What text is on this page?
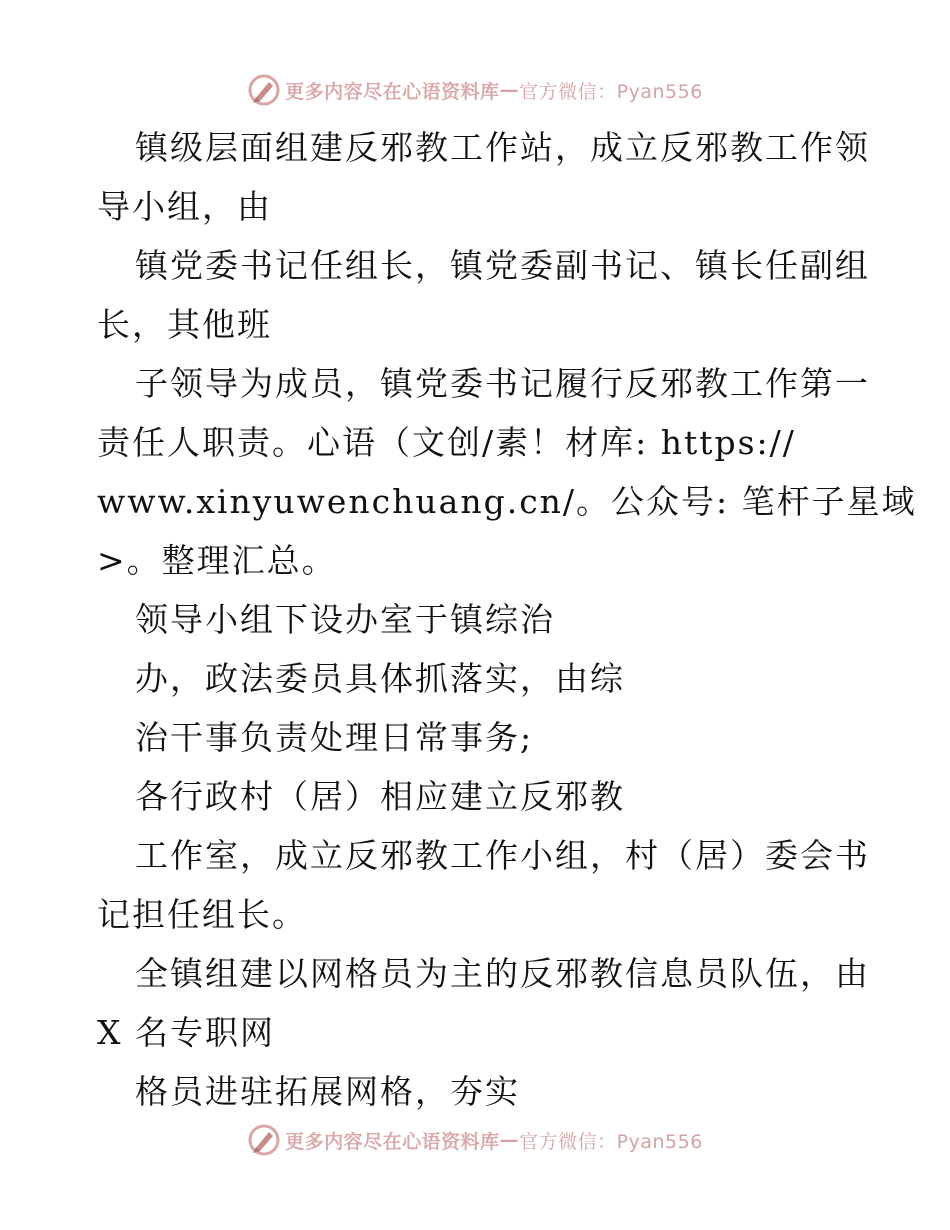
更多内容尽在心语资料库 — 官方微信：Pyan556
镇级层面组建反邪教工作站，成立反邪教工作领
导小组，由
镇党委书记任组长，镇党委副书记、镇长任副组
长，其他班
子领导为成员，镇党委书记履行反邪教工作第一
责任人职责。心语（文创/素！材库: https://
www.xinyuwenchuang.cn/。公众号: 笔杆子星域
>。整理汇总。
领导小组下设办室于镇综治
办，政法委员具体抓落实，由综
治干事负责处理日常事务;
各行政村（居）相应建立反邪教
工作室，成立反邪教工作小组，村（居）委会书
记担任组长。
全镇组建以网格员为主的反邪教信息员队伍，由
X 名专职网
格员进驻拓展网格，夯实
更多内容尽在心语资料库 — 官方微信：Pyan556
